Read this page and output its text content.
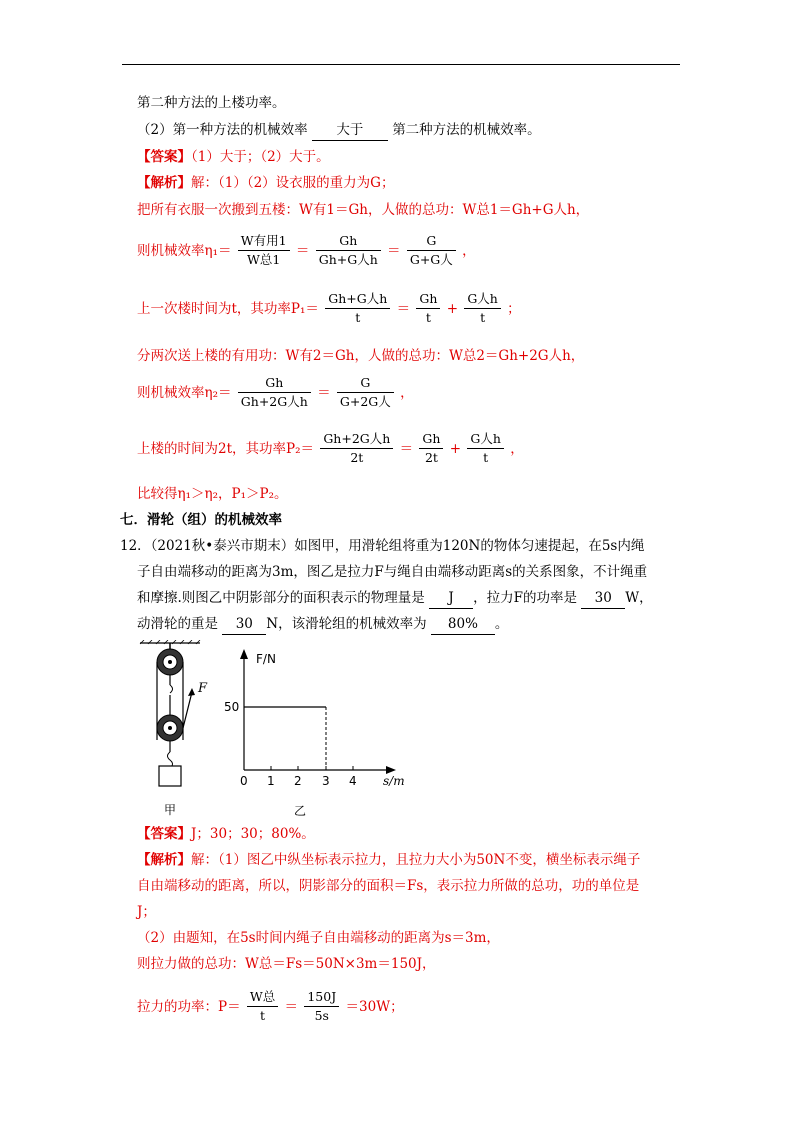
第二种方法的上楼功率。
（2）第一种方法的机械效率 大于 第二种方法的机械效率。
【答案】（1）大于；（2）大于。
【解析】解：（1）（2）设衣服的重力为G；
把所有衣服一次搬到五楼：W有1＝Gh，人做的总功：W总1＝Gh+G人h，
则机械效率$\eta_1= \frac{\text{W有用1}}{\text{W总1}} = \frac{Gh}{\text{Gh+G人h}} = \frac{G}{\text{G+G人}}$ ，
上一次楼时间为t，其功率$P_1= \frac{\text{Gh+G人h}}{t} = \frac{Gh}{t} + \frac{\text{G人h}}{t}$ ；
分两次送上楼的有用功：W有2＝Gh，人做的总功：W总2＝Gh+2G人h，
则机械效率$\eta_2= \frac{Gh}{\text{Gh+2G人h}} = \frac{G}{\text{G+2G人}}$ ，
上楼的时间为2t，其功率$P_2= \frac{\text{Gh+2G人h}}{2t} = \frac{Gh}{2t} + \frac{\text{G人h}}{t}$ ，
比较得η₁＞η₂，P₁＞P₂。
七．滑轮（组）的机械效率
12．（2021秋•泰兴市期末）如图甲，用滑轮组将重为120N的物体匀速提起，在5s内绳
子自由端移动的距离为3m，图乙是拉力F与绳自由端移动距离s的关系图象，不计绳重
和摩擦.则图乙中阴影部分的面积表示的物理量是 J ，拉力F的功率是 30 W，
动滑轮的重是 30 N，该滑轮组的机械效率为 80% 。
F
甲
F/N
50
0 1 2 3 4 s/m
乙
【答案】J；30；30；80%。
【解析】解：（1）图乙中纵坐标表示拉力，且拉力大小为50N不变，横坐标表示绳子
自由端移动的距离，所以，阴影部分的面积＝Fs，表示拉力所做的总功，功的单位是
J；
（2）由题知，在5s时间内绳子自由端移动的距离为s＝3m，
则拉力做的总功：W总＝Fs＝50N×3m＝150J，
拉力的功率：$P= \frac{\text{W总}}{t} = \frac{150J}{5s} =30W$；
